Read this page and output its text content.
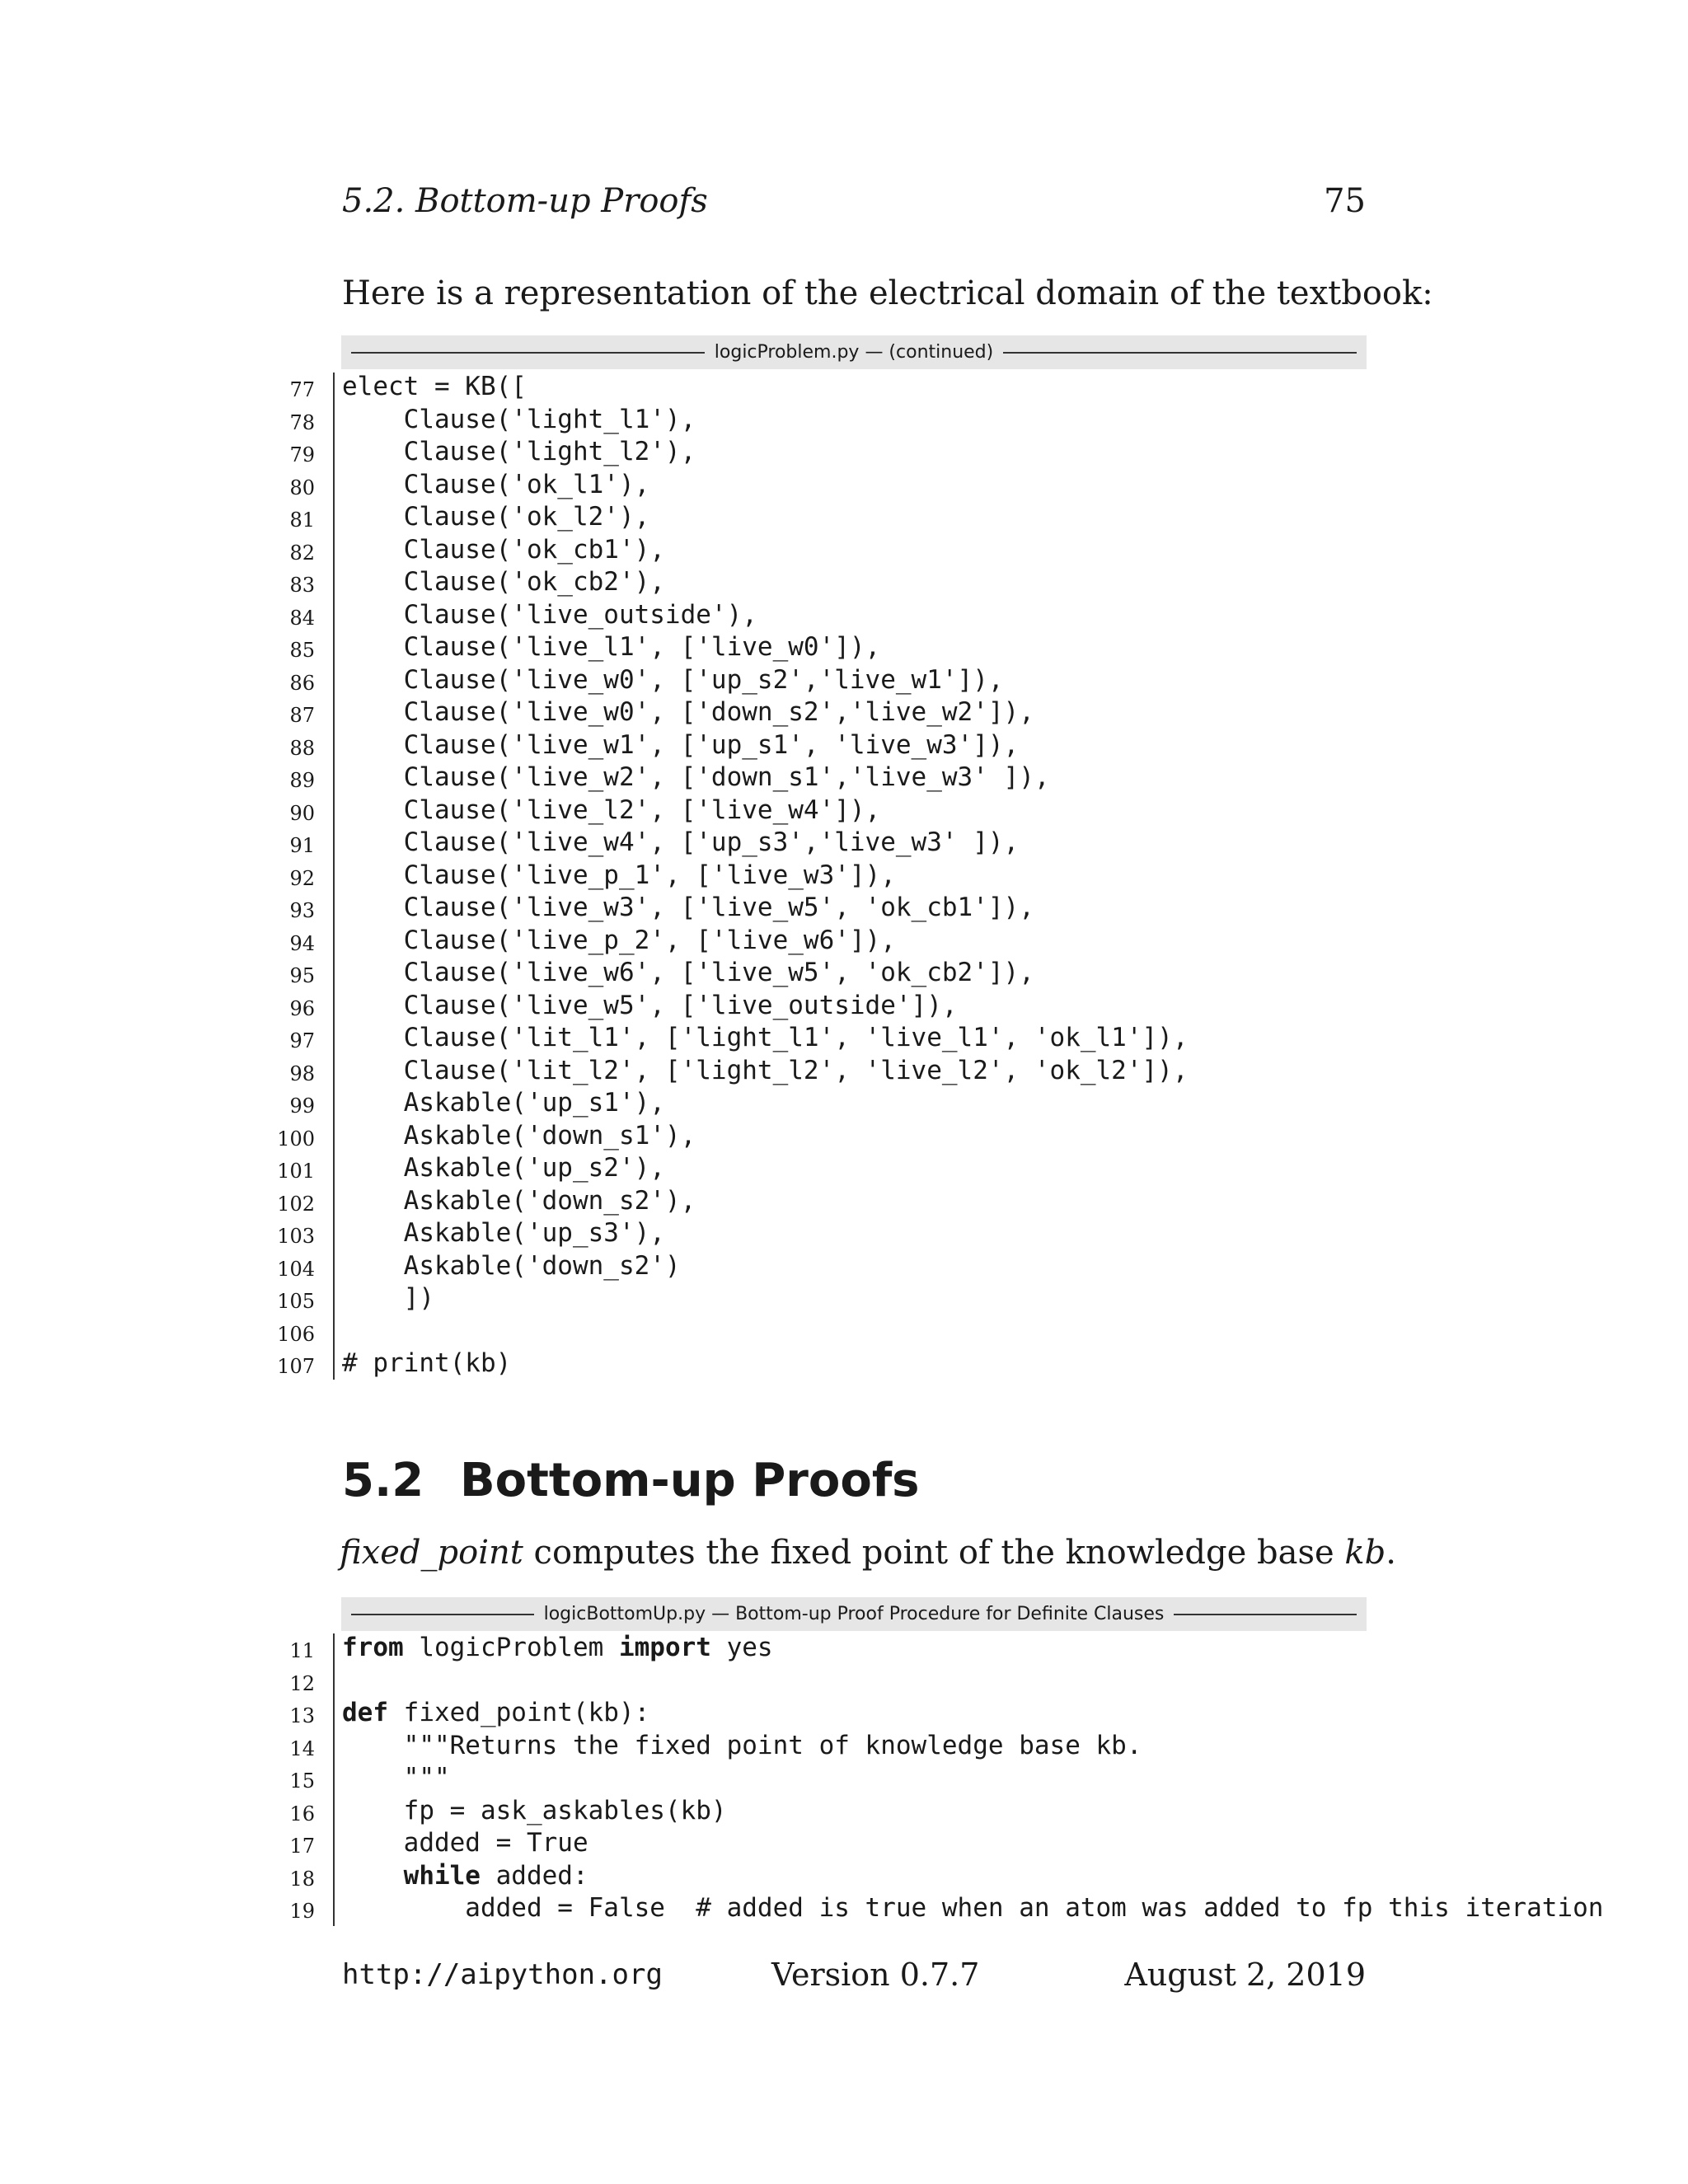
5.2. Bottom-up Proofs	75
Here is a representation of the electrical domain of the textbook:
logicProblem.py — (continued)
77 elect = KB([
78 Clause('light_l1'),
79 Clause('light_l2'),
80 Clause('ok_l1'),
81 Clause('ok_l2'),
82 Clause('ok_cb1'),
83 Clause('ok_cb2'),
84 Clause('live_outside'),
85 Clause('live_l1', ['live_w0']),
86 Clause('live_w0', ['up_s2','live_w1']),
87 Clause('live_w0', ['down_s2','live_w2']),
88 Clause('live_w1', ['up_s1', 'live_w3']),
89 Clause('live_w2', ['down_s1','live_w3' ]),
90 Clause('live_l2', ['live_w4']),
91 Clause('live_w4', ['up_s3','live_w3' ]),
92 Clause('live_p_1', ['live_w3']),
93 Clause('live_w3', ['live_w5', 'ok_cb1']),
94 Clause('live_p_2', ['live_w6']),
95 Clause('live_w6', ['live_w5', 'ok_cb2']),
96 Clause('live_w5', ['live_outside']),
97 Clause('lit_l1', ['light_l1', 'live_l1', 'ok_l1']),
98 Clause('lit_l2', ['light_l2', 'live_l2', 'ok_l2']),
99 Askable('up_s1'),
100 Askable('down_s1'),
101 Askable('up_s2'),
102 Askable('down_s2'),
103 Askable('up_s3'),
104 Askable('down_s2')
105 ])
106
107 # print(kb)
5.2 Bottom-up Proofs
fixed_point computes the fixed point of the knowledge base kb.
logicBottomUp.py — Bottom-up Proof Procedure for Definite Clauses
11 from logicProblem import yes
12
13 def fixed_point(kb):
14 """Returns the fixed point of knowledge base kb.
15 """
16 fp = ask_askables(kb)
17 added = True
18	while added:
19 added = False  # added is true when an atom was added to fp this iteration
http://aipython.org	Version 0.7.7	August 2, 2019
